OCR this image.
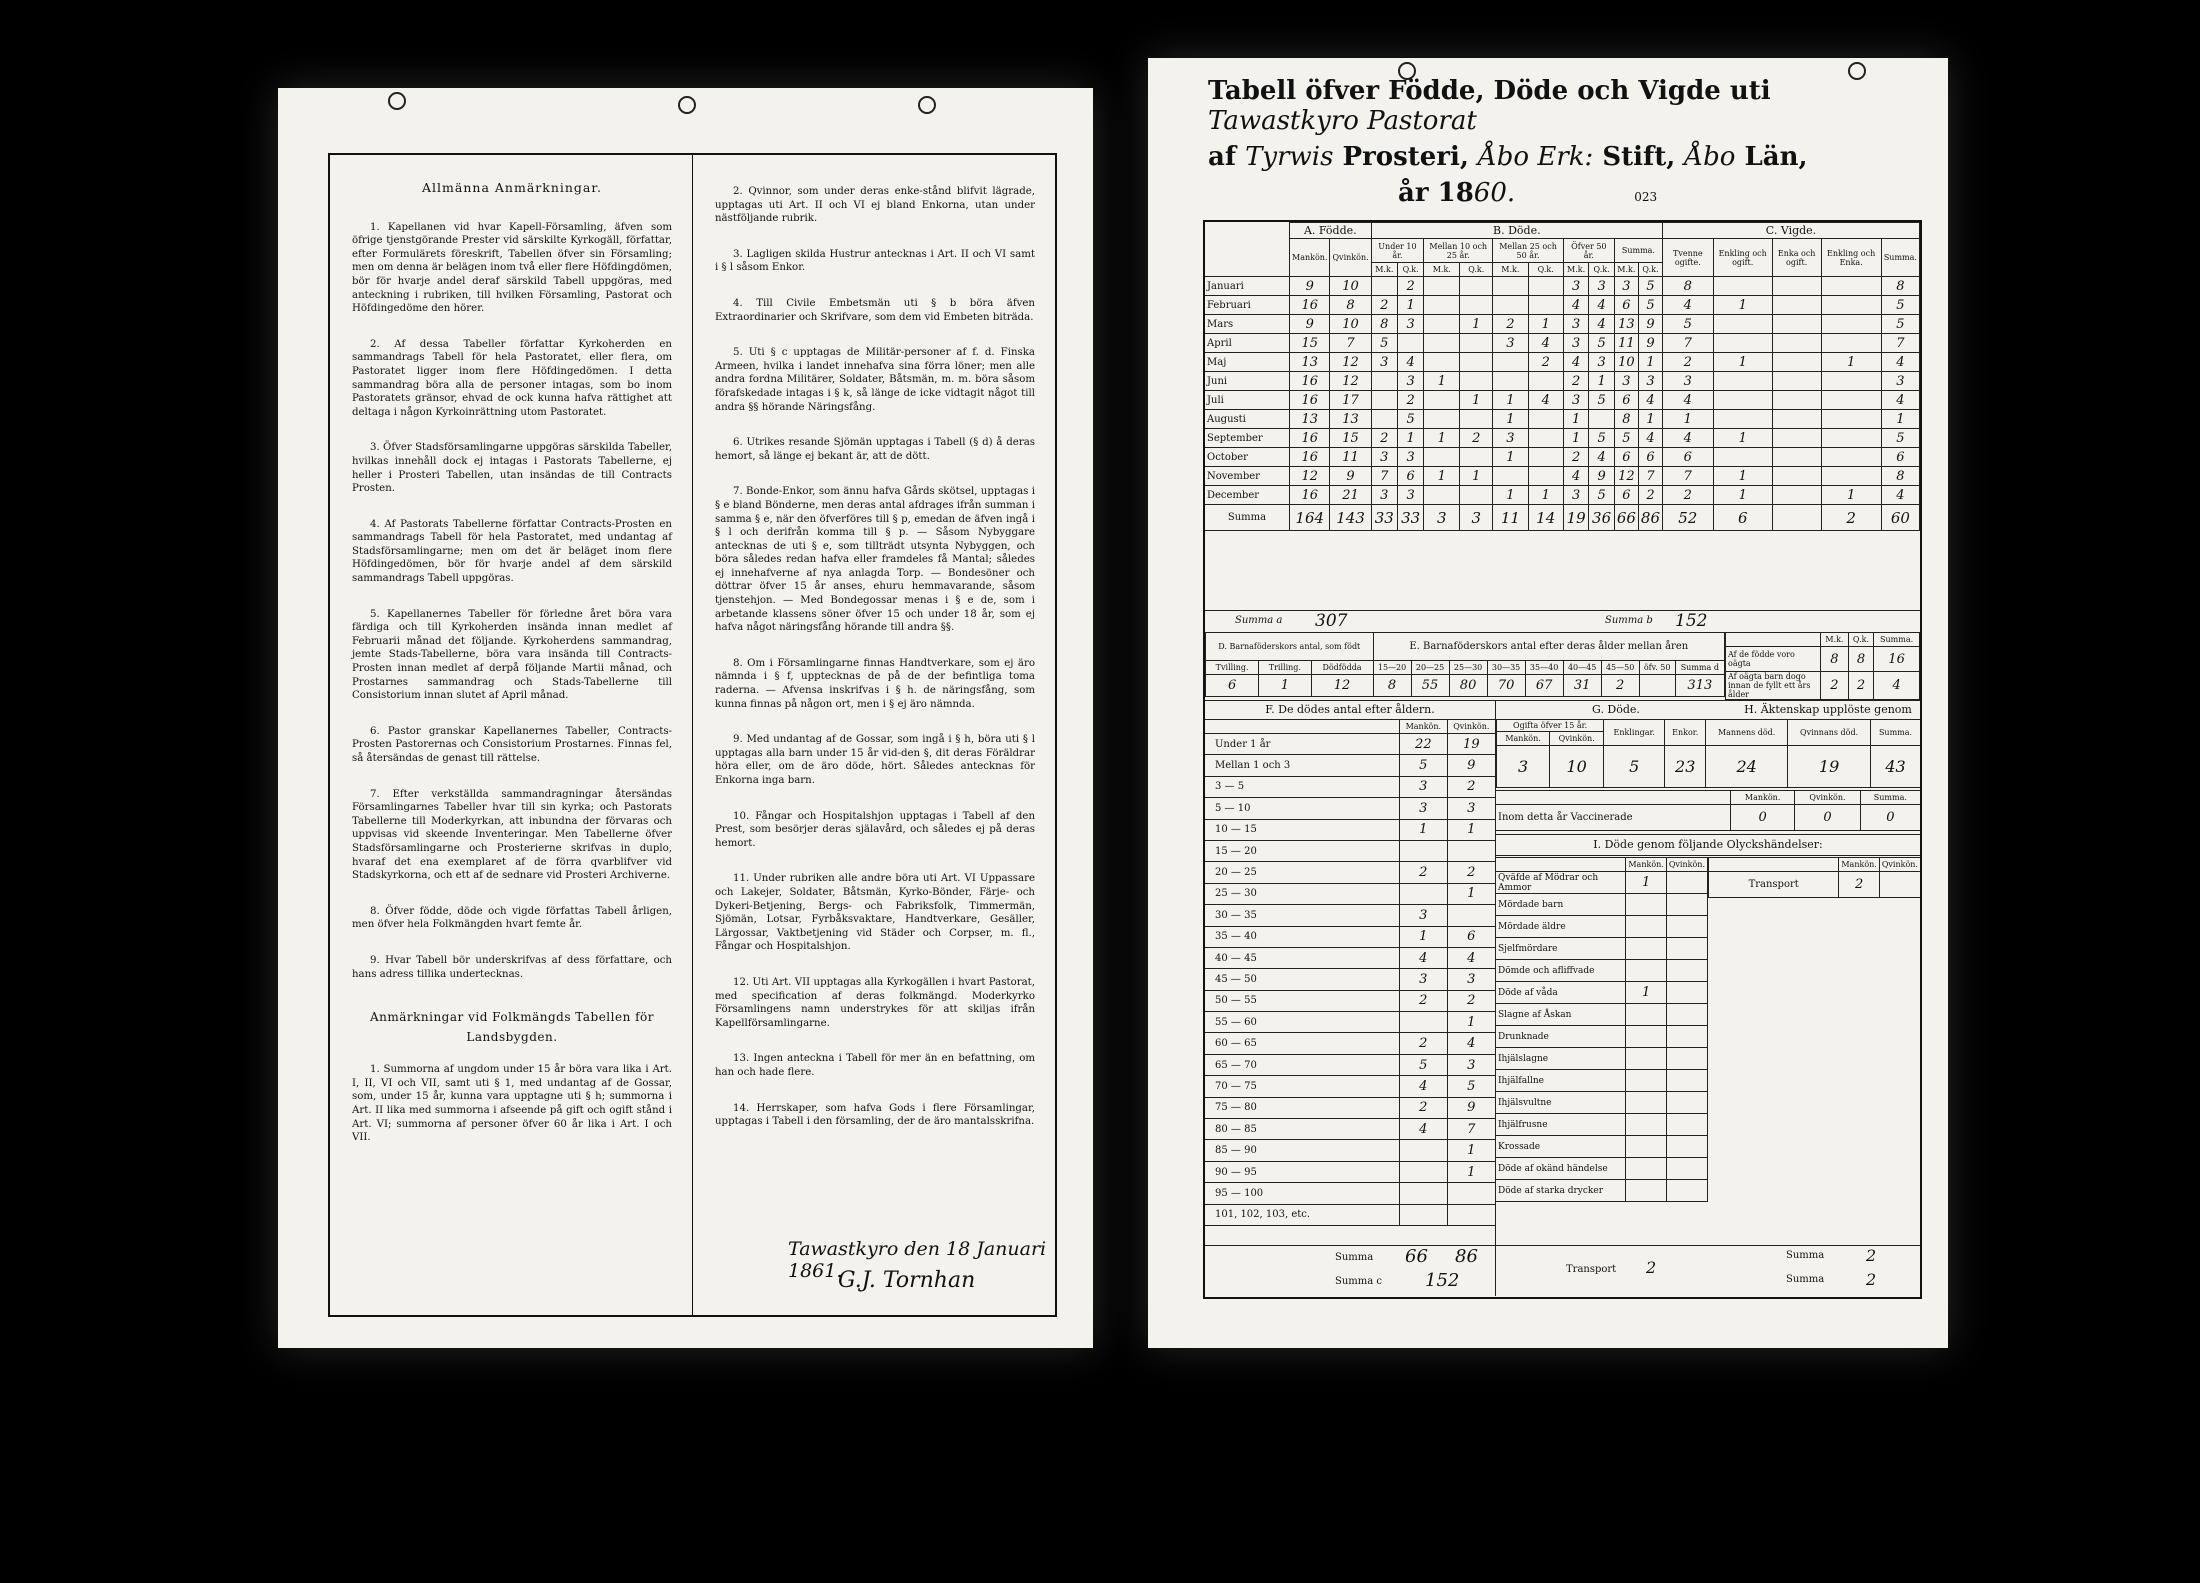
Allmänna Anmärkningar.

1. Kapellanen vid hvar Kapell-Församling, äfven som öfrige tjenstgörande Prester vid särskilte Kyrkogäll, författar, efter Formulärets föreskrift, Tabellen öfver sin Församling; men om denna är belägen inom två eller flere Höfdingdömen, bör för hvarje andel deraf särskild Tabell uppgöras, med anteckning i rubriken, till hvilken Församling, Pastorat och Höfdingedöme den hörer.

2. Af dessa Tabeller författar Kyrkoherden en sammandrags Tabell för hela Pastoratet, eller flera, om Pastoratet ligger inom flere Höfdingedömen. I detta sammandrag böra alla de personer intagas, som bo inom Pastoratets gränsor, ehvad de ock kunna hafva rättighet att deltaga i någon Kyrkoinrättning utom Pastoratet.

3. Öfver Stadsförsamlingarne uppgöras särskilda Tabeller, hvilkas innehåll dock ej intagas i Pastorats Tabellerne, ej heller i Prosteri Tabellen, utan insändas de till Contracts Prosten.

4. Af Pastorats Tabellerne författar Contracts-Prosten en sammandrags Tabell för hela Pastoratet, med undantag af Stadsförsamlingarne; men om det är beläget inom flere Höfdingedömen, bör för hvarje andel af dem särskild sammandrags Tabell uppgöras.

5. Kapellanernes Tabeller för förledne året böra vara färdiga och till Kyrkoherden insända innan medlet af Februarii månad det följande. Kyrkoherdens sammandrag, jemte Stads-Tabellerne, böra vara insända till Contracts-Prosten innan medlet af derpå följande Martii månad, och Prostarnes sammandrag och Stads-Tabellerne till Consistorium innan slutet af April månad.

6. Pastor granskar Kapellanernes Tabeller, Contracts-Prosten Pastorernas och Consistorium Prostarnes. Finnas fel, så återsändas de genast till rättelse.

7. Efter verkställda sammandragningar återsändas Församlingarnes Tabeller hvar till sin kyrka; och Pastorats Tabellerne till Moderkyrkan, att inbundna der förvaras och uppvisas vid skeende Inventeringar. Men Tabellerne öfver Stadsförsamlingarne och Prosterierne skrifvas in duplo, hvaraf det ena exemplaret af de förra qvarblifver vid Stadskyrkorna, och ett af de sednare vid Prosteri Archiverne.

8. Öfver födde, döde och vigde författas Tabell årligen, men öfver hela Folkmängden hvart femte år.

9. Hvar Tabell bör underskrifvas af dess författare, och hans adress tillika undertecknas.

Anmärkningar vid Folkmängds Tabellen för Landsbygden.

1. Summorna af ungdom under 15 år böra vara lika i Art. I, II, VI och VII, samt uti § 1, med undantag af de Gossar, som, under 15 år, kunna vara upptagne uti § h; summorna i Art. II lika med summorna i afseende på gift och ogift stånd i Art. VI; summorna af personer öfver 60 år lika i Art. I och VII.

2. Qvinnor, som under deras enke-stånd blifvit lägrade, upptagas uti Art. II och VI ej bland Enkorna, utan under nästföljande rubrik.

3. Lagligen skilda Hustrur antecknas i Art. II och VI samt i § l såsom Enkor.

4. Till Civile Embetsmän uti § b böra äfven Extraordinarier och Skrifvare, som dem vid Embeten biträda.

5. Uti § c upptagas de Militär-personer af f. d. Finska Armeen, hvilka i landet innehafva sina förra löner; men alle andra fordna Militärer, Soldater, Båtsmän, m. m. böra såsom förafskedade intagas i § k, så länge de icke vidtagit något till andra §§ hörande Näringsfång.

6. Utrikes resande Sjömän upptagas i Tabell (§ d) å deras hemort, så länge ej bekant är, att de dött.

7. Bonde-Enkor, som ännu hafva Gårds skötsel, upptagas i § e bland Bönderne, men deras antal afdrages ifrån summan i samma § e, när den öfverföres till § p, emedan de äfven ingå i § l och derifrån komma till § p. — Såsom Nybyggare antecknas de uti § e, som tillträdt utsynta Nybyggen, och böra således redan hafva eller framdeles få Mantal; således ej innehafverne af nya anlagda Torp. — Bondesöner och döttrar öfver 15 år anses, ehuru hemmavarande, såsom tjenstehjon. — Med Bondegossar menas i § e de, som i arbetande klassens söner öfver 15 och under 18 år, som ej hafva något näringsfång hörande till andra §§.

8. Om i Församlingarne finnas Handtverkare, som ej äro nämnda i § f, upptecknas de på de der befintliga toma raderna. — Afvensa inskrifvas i § h. de näringsfång, som kunna finnas på någon ort, men i § ej äro nämnda.

9. Med undantag af de Gossar, som ingå i § h, böra uti § l upptagas alla barn under 15 år vid-den §, dit deras Föräldrar höra eller, om de äro döde, hört. Således antecknas för Enkorna inga barn.

10. Fångar och Hospitalshjon upptagas i Tabell af den Prest, som besörjer deras själavård, och således ej på deras hemort.

11. Under rubriken alle andre böra uti Art. VI Uppassare och Lakejer, Soldater, Båtsmän, Kyrko-Bönder, Färje- och Dykeri-Betjening, Bergs- och Fabriksfolk, Timmermän, Sjömän, Lotsar, Fyrbåksvaktare, Handtverkare, Gesäller, Lärgossar, Vaktbetjening vid Städer och Corpser, m. fl., Fångar och Hospitalshjon.

12. Uti Art. VII upptagas alla Kyrkogällen i hvart Pastorat, med specification af deras folkmängd. Moderkyrko Församlingens namn understrykes för att skiljas ifrån Kapellförsamlingarne.

13. Ingen anteckna i Tabell för mer än en befattning, om han och hade flere.

14. Herrskaper, som hafva Gods i flere Församlingar, upptagas i Tabell i den församling, der de äro mantalsskrifna.

Tawastkyro den 18 Januari 1861.
G.J. Tornhan
Tabell öfver Födde, Döde och Vigde uti Tawastkyro Pastorat
af Tyrwis Prosteri, Åbo Erk: Stift, Åbo Län,
år 1860.	023
	A. Födde.		B. Döde.										C. Vigde.				
	Mankön.	Qvinkön.	Under 10 år.		Mellan 10 och 25 år.		Mellan 25 och 50 år.		Öfver 50 år.		Summa.		Tvenne ogifte.	Enkling och ogift.	Enka och ogift.	Enkling och Enka.	Summa.
			M.k.	Q.k.	M.k.	Q.k.	M.k.	Q.k.	M.k.	Q.k.	M.k.	Q.k.					
Januari	9	10		2					3	3	3	5	8				8
Februari	16	8	2	1					4	4	6	5	4	1			5
Mars	9	10	8	3		1	2	1	3	4	13	9	5				5
April	15	7	5				3	4	3	5	11	9	7				7
Maj	13	12	3	4				2	4	3	10	1	2	1		1	4
Juni	16	12		3	1				2	1	3	3	3				3
Juli	16	17		2		1	1	4	3	5	6	4	4				4
Augusti	13	13		5			1		1		8	1	1				1
September	16	15	2	1	1	2	3		1	5	5	4	4	1			5
October	16	11	3	3			1		2	4	6	6	6				6
November	12	9	7	6	1	1			4	9	12	7	7	1			8
December	16	21	3	3			1	1	3	5	6	2	2	1		1	4
Summa	164	143	33	33	3	3	11	14	19	36	66	86	52	6		2	60
Summa a 307	Summa b 152
D. Barnaföderskors antal, som födt			E. Barnaföderskors antal efter deras ålder mellan åren								
Tvilling.	Trilling.	Dödfödda	15—20	20—25	25—30	30—35	35—40	40—45	45—50	öfv. 50	Summa d
6	1	12	8	55	80	70	67	31	2		313
	M.k.	Q.k.	Summa.
Af de födde voro oägta	8	8	16
Af oägta barn dogo innan de fyllt ett års ålder	2	2	4
F. De dödes antal efter åldern.
	Mankön.	Qvinkön.
Under 1 år	22	19
Mellan 1 och 3	5	9
3 — 5	3	2
5 — 10	3	3
10 — 15	1	1
15 — 20		
20 — 25	2	2
25 — 30		1
30 — 35	3	
35 — 40	1	6
40 — 45	4	4
45 — 50	3	3
50 — 55	2	2
55 — 60		1
60 — 65	2	4
65 — 70	5	3
70 — 75	4	5
75 — 80	2	9
80 — 85	4	7
85 — 90		1
90 — 95		1
95 — 100		
101, 102, 103, etc.		
Summa 66 86
Summa c 152
G. Döde.	H. Äktenskap upplöste genom
Ogifta öfver 15 år.		Enklingar.	Enkor.	Mannens död.	Qvinnans död.	Summa.
Mankön.	Qvinkön.					
3	10	5	23	24	19	43
	Mankön.	Qvinkön.	Summa.
Inom detta år Vaccinerade	0	0	0
I. Döde genom följande Olyckshändelser:
	Mankön.	Qvinkön.
Qväfde af Mödrar och Ammor	1	
Mördade barn		
Mördade äldre		
Sjelfmördare		
Dömde och afliffvade		
Döde af våda	1	
Slagne af Åskan		
Drunknade		
Ihjälslagne		
Ihjälfallne		
Ihjälsvultne		
Ihjälfrusne		
Krossade		
Döde af okänd händelse		
Döde af starka drycker		
	Mankön.	Qvinkön.
Transport	2	
Transport 2
Summa	2
Summa	2
